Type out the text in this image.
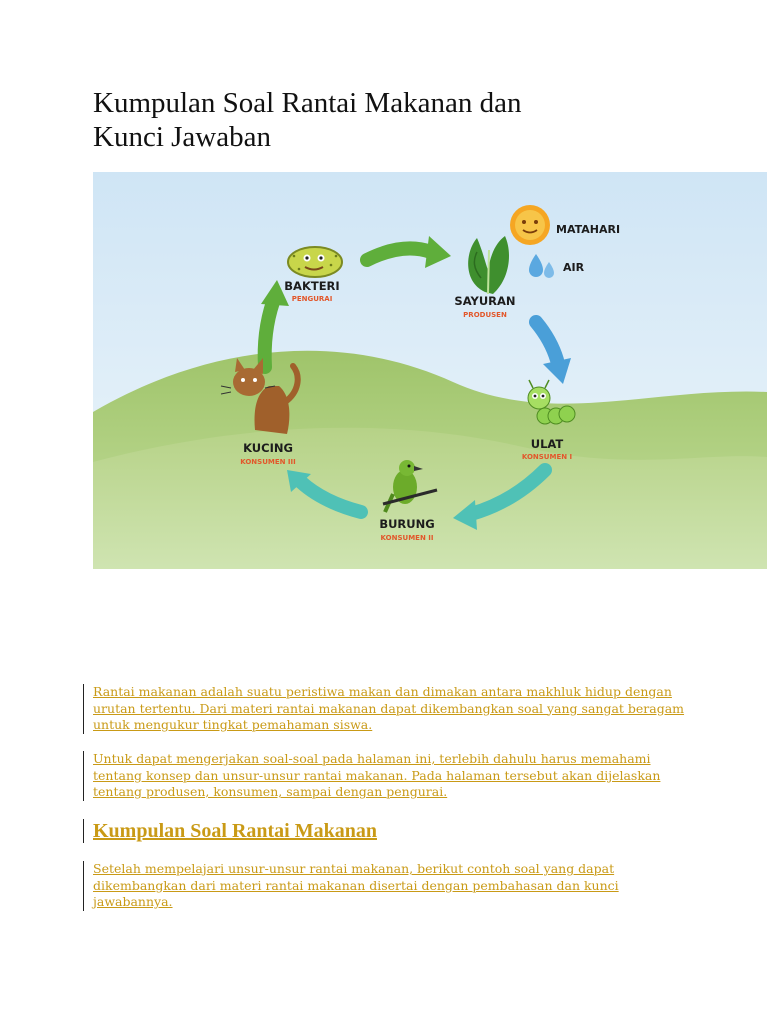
Kumpulan Soal Rantai Makanan dan
Kunci Jawaban
BAKTERI
PENGURAI	SAYURAN
PRODUSEN
MATAHARI
AIR
ULAT
KONSUMEN I
BURUNG
KONSUMEN II
KUCING
KONSUMEN III

Rantai makanan adalah suatu peristiwa makan dan dimakan antara makhluk hidup dengan

urutan tertentu. Dari materi rantai makanan dapat dikembangkan soal yang sangat beragam

untuk mengukur tingkat pemahaman siswa.

Untuk dapat mengerjakan soal-soal pada halaman ini, terlebih dahulu harus memahami

tentang konsep dan unsur-unsur rantai makanan. Pada halaman tersebut akan dijelaskan

tentang produsen, konsumen, sampai dengan pengurai.

Kumpulan Soal Rantai Makanan

Setelah mempelajari unsur-unsur rantai makanan, berikut contoh soal yang dapat

dikembangkan dari materi rantai makanan disertai dengan pembahasan dan kunci

jawabannya.
